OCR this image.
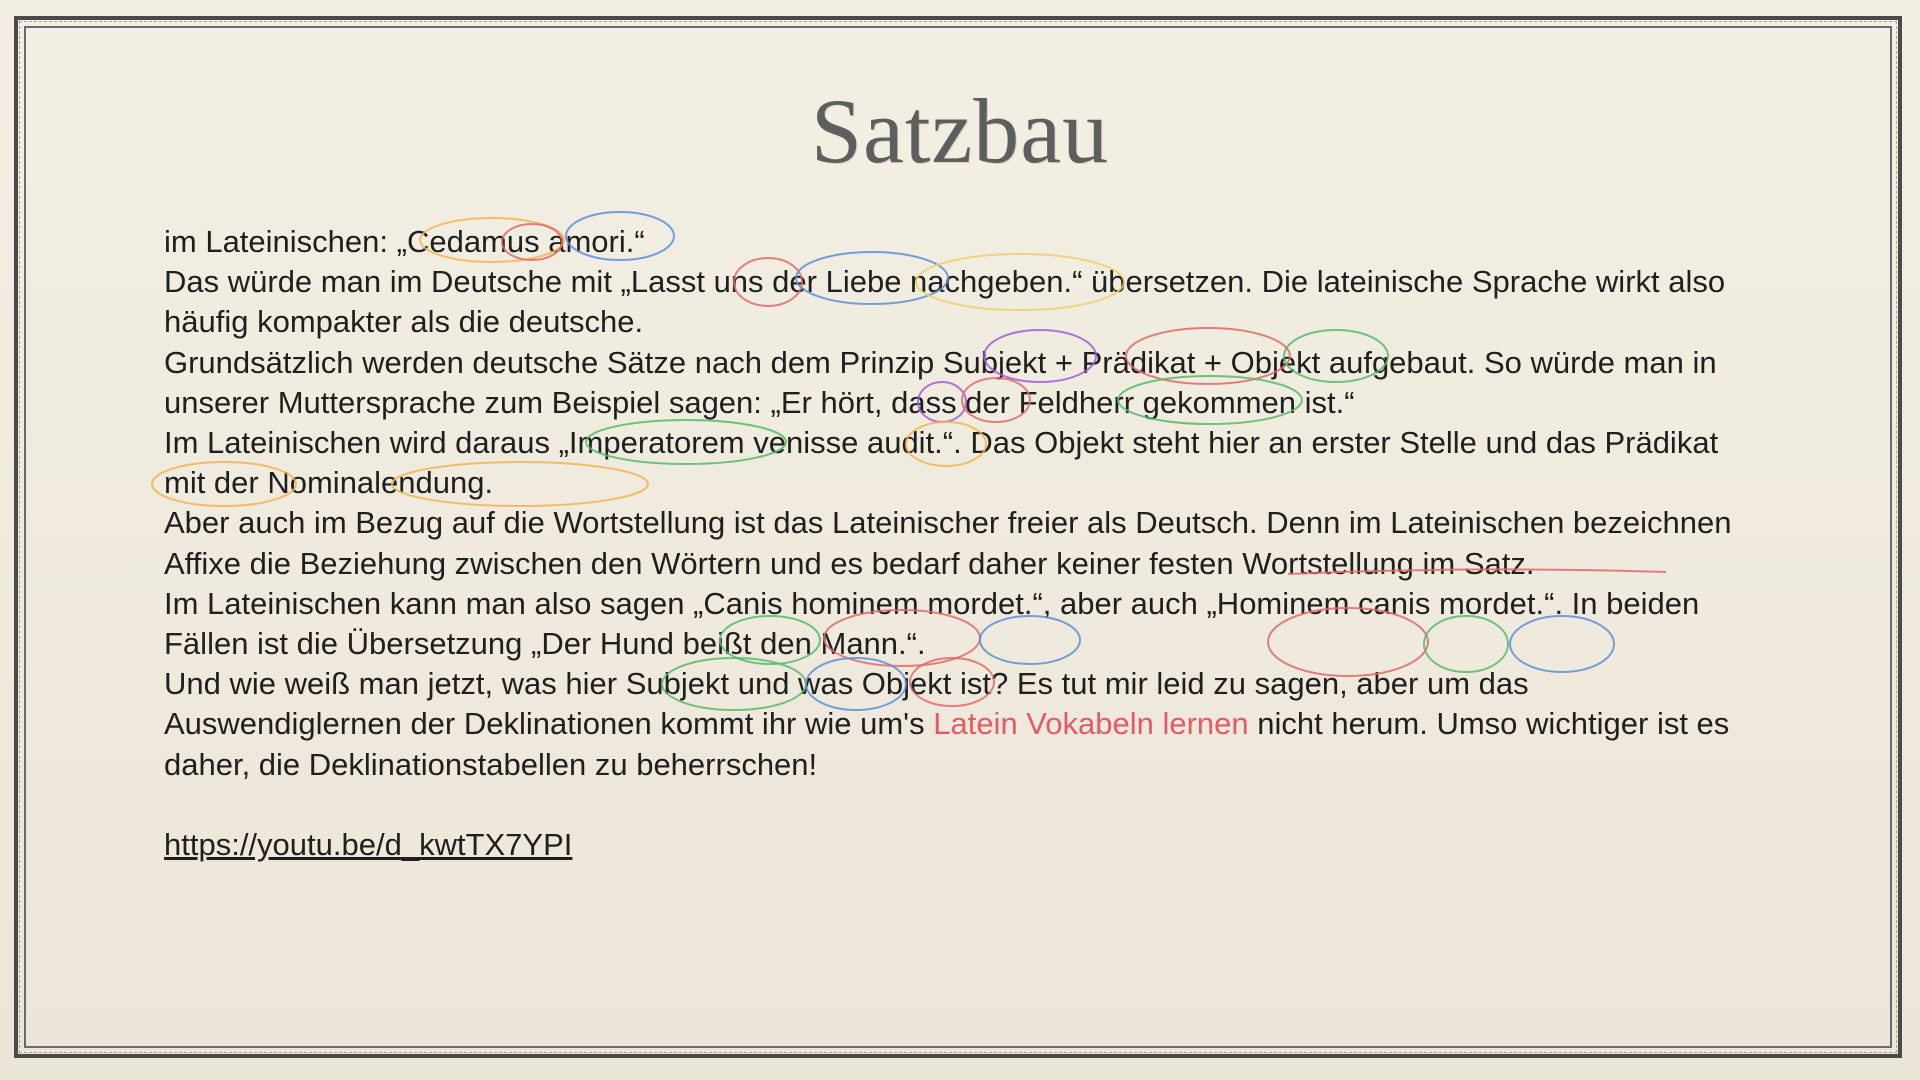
Satzbau

im Lateinischen: „Cedamus amori.“

Das würde man im Deutsche mit „Lasst uns der Liebe nachgeben.“ übersetzen. Die lateinische Sprache wirkt also häufig kompakter als die deutsche.

Grundsätzlich werden deutsche Sätze nach dem Prinzip Subjekt + Prädikat + Objekt aufgebaut. So würde man in unserer Muttersprache zum Beispiel sagen: „Er hört, dass der Feldherr gekommen ist.“

Im Lateinischen wird daraus „Imperatorem venisse audit.“. Das Objekt steht hier an erster Stelle und das Prädikat mit der Nominalendung.

Aber auch im Bezug auf die Wortstellung ist das Lateinischer freier als Deutsch. Denn im Lateinischen bezeichnen Affixe die Beziehung zwischen den Wörtern und es bedarf daher keiner festen Wortstellung im Satz.

Im Lateinischen kann man also sagen „Canis hominem mordet.“, aber auch „Hominem canis mordet.“. In beiden Fällen ist die Übersetzung „Der Hund beißt den Mann.“.

Und wie weiß man jetzt, was hier Subjekt und was Objekt ist? Es tut mir leid zu sagen, aber um das Auswendiglernen der Deklinationen kommt ihr wie um's Latein Vokabeln lernen nicht herum. Umso wichtiger ist es daher, die Deklinationstabellen zu beherrschen!

https://youtu.be/d_kwtTX7YPI
